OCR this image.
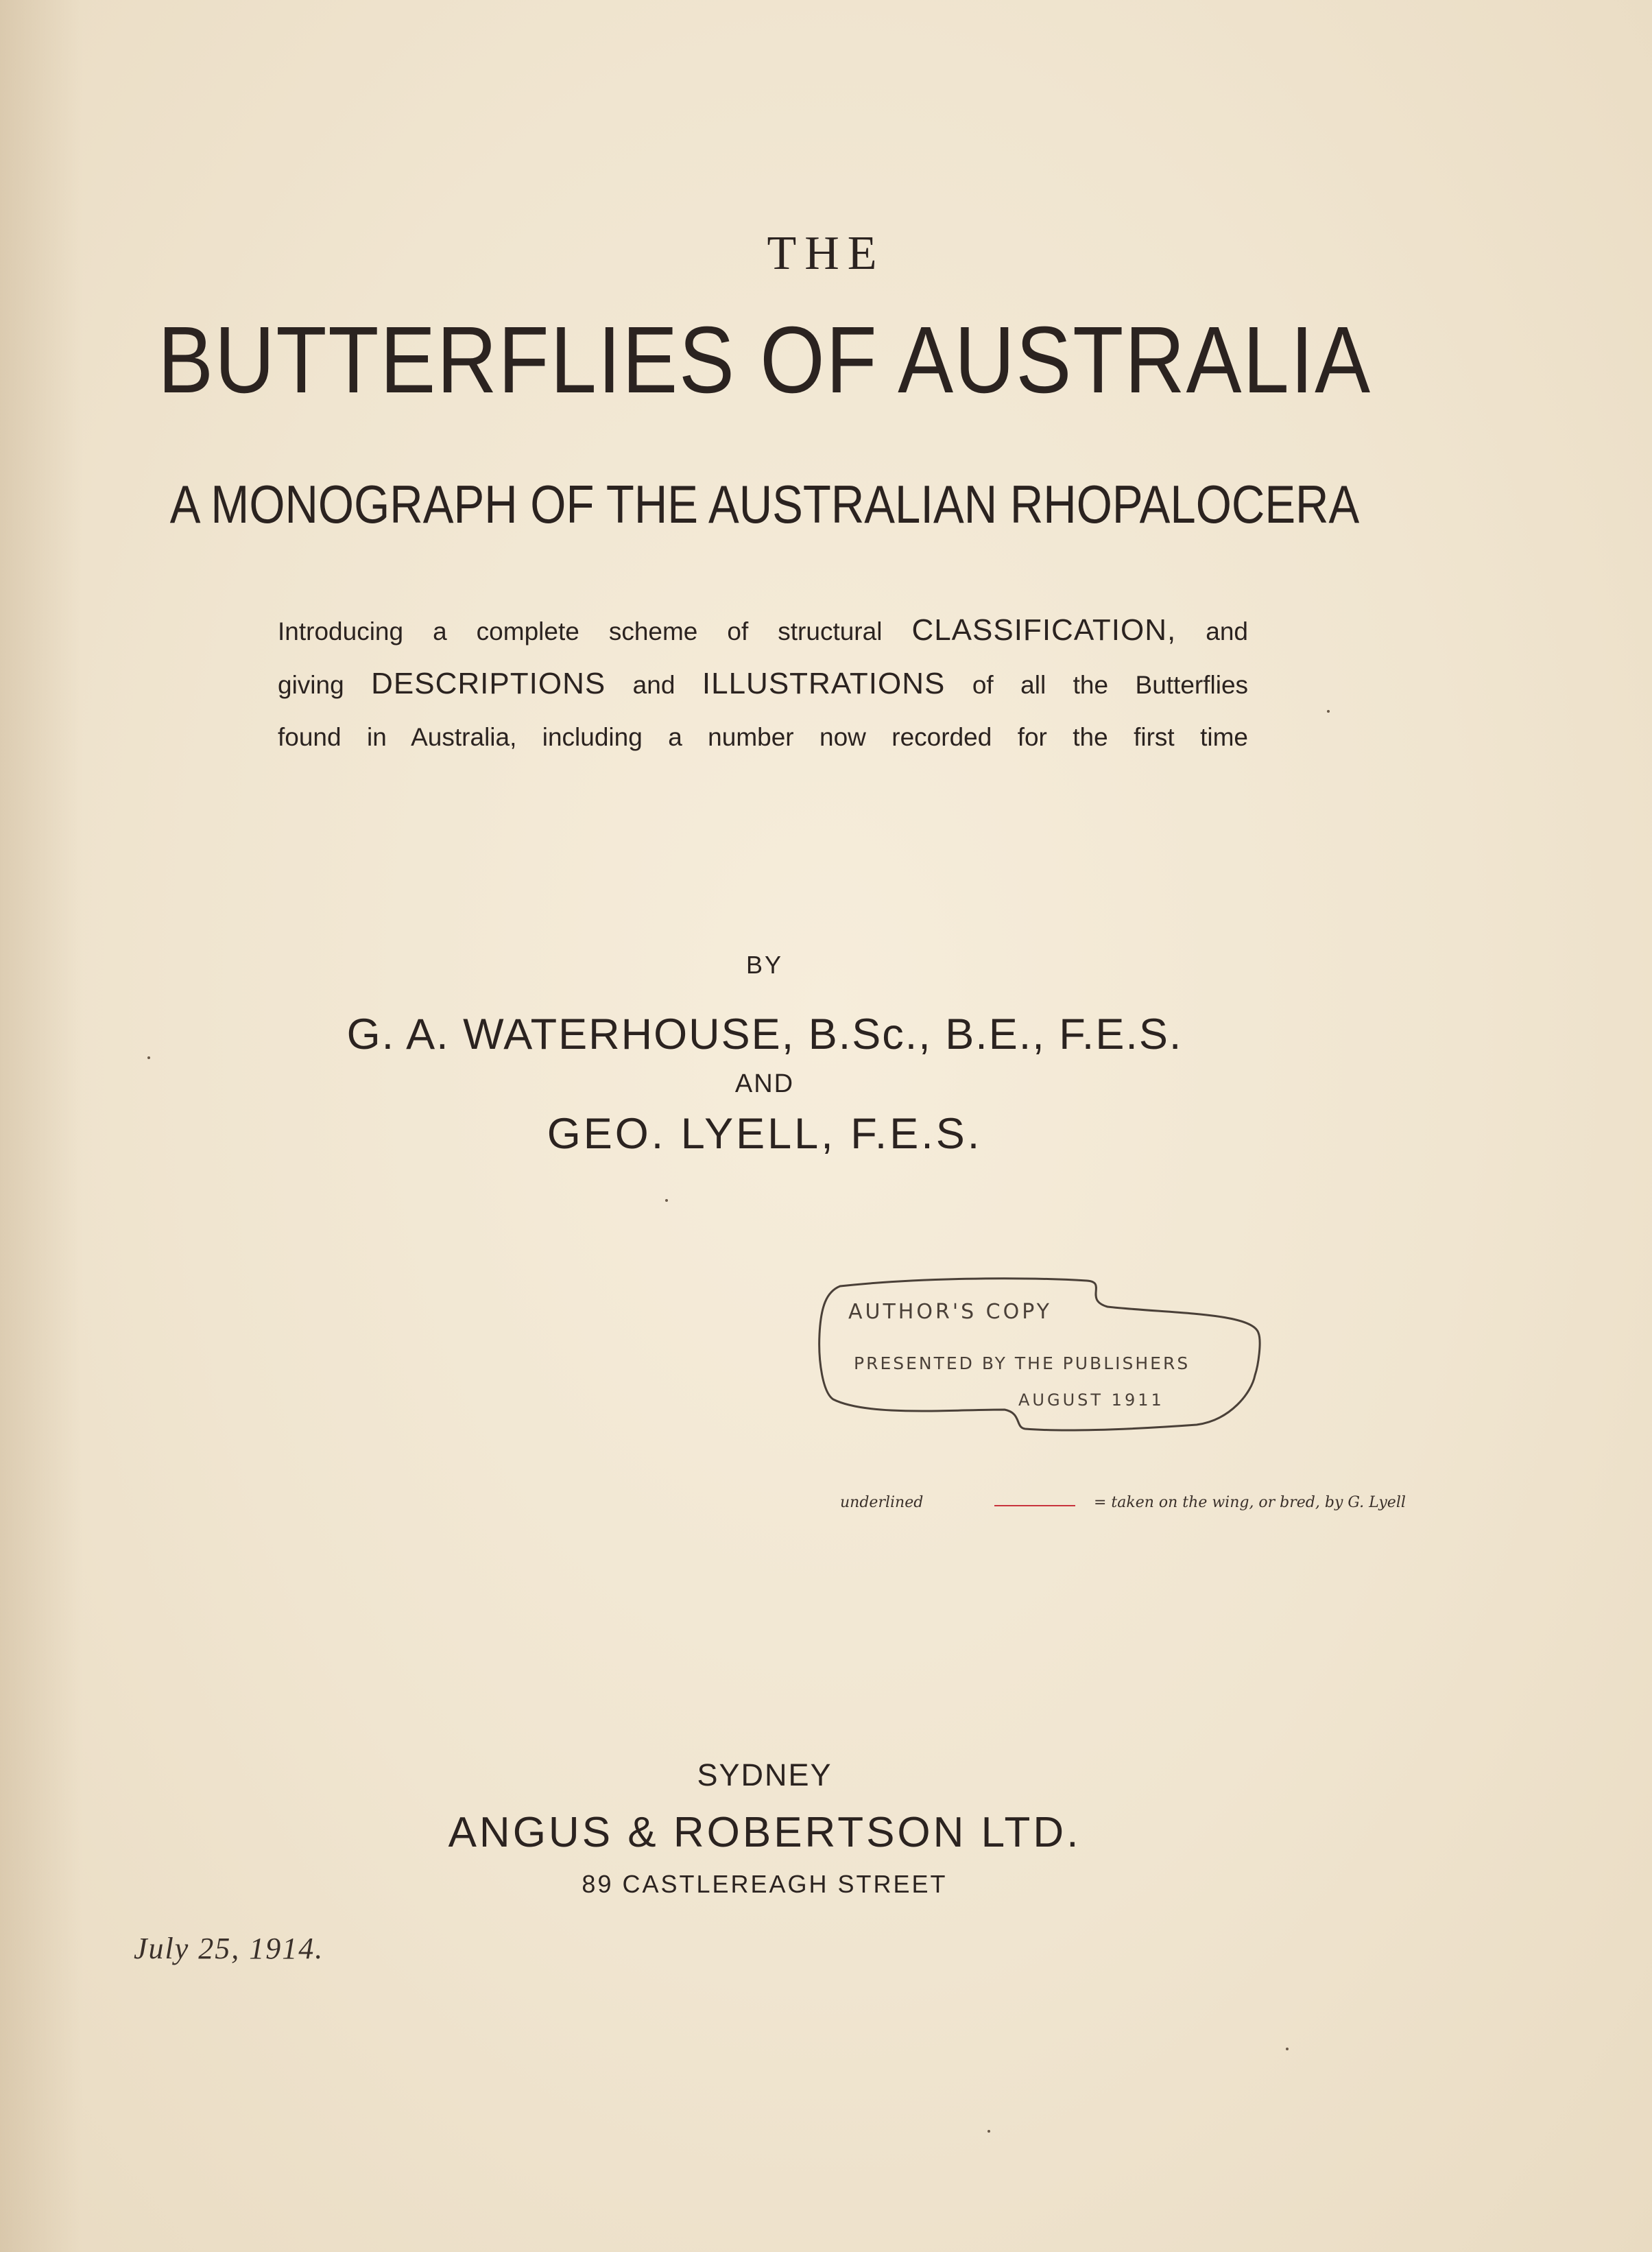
THE
BUTTERFLIES OF AUSTRALIA
A MONOGRAPH OF THE AUSTRALIAN RHOPALOCERA
Introducing a complete scheme of structural CLASSIFICATION, and
giving DESCRIPTIONS and ILLUSTRATIONS of all the Butterflies
found in Australia, including a number now recorded for the first time
BY
G. A. WATERHOUSE, B.Sc., B.E., F.E.S.
AND
GEO. LYELL, F.E.S.
AUTHOR'S COPY
PRESENTED BY THE PUBLISHERS
AUGUST 1911
underlined	= taken on the wing, or bred, by G. Lyell
SYDNEY
ANGUS & ROBERTSON LTD.
89 CASTLEREAGH STREET
July 25, 1914.
